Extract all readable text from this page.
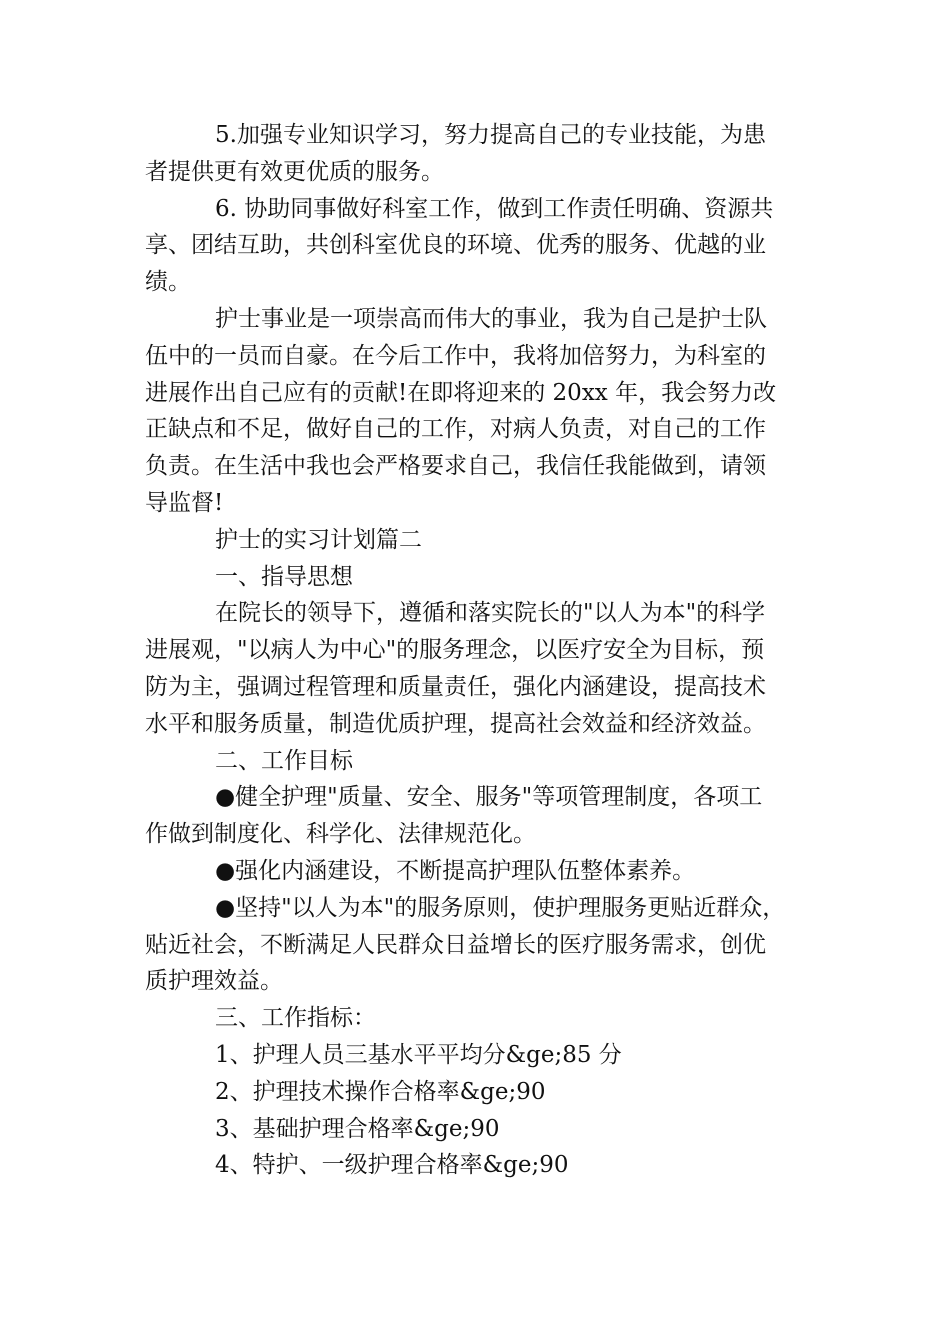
5.加强专业知识学习，努力提高自己的专业技能，为患
者提供更有效更优质的服务。
6. 协助同事做好科室工作，做到工作责任明确、资源共
享、团结互助，共创科室优良的环境、优秀的服务、优越的业
绩。
护士事业是一项崇高而伟大的事业，我为自己是护士队
伍中的一员而自豪。在今后工作中，我将加倍努力，为科室的
进展作出自己应有的贡献!在即将迎来的 20xx 年，我会努力改
正缺点和不足，做好自己的工作，对病人负责，对自己的工作
负责。在生活中我也会严格要求自己，我信任我能做到，请领
导监督!
护士的实习计划篇二
一、指导思想
在院长的领导下，遵循和落实院长的"以人为本"的科学
进展观，"以病人为中心"的服务理念，以医疗安全为目标，预
防为主，强调过程管理和质量责任，强化内涵建设，提高技术
水平和服务质量，制造优质护理，提高社会效益和经济效益。
二、工作目标
●健全护理"质量、安全、服务"等项管理制度，各项工
作做到制度化、科学化、法律规范化。
●强化内涵建设，不断提高护理队伍整体素养。
●坚持"以人为本"的服务原则，使护理服务更贴近群众，
贴近社会，不断满足人民群众日益增长的医疗服务需求，创优
质护理效益。
三、工作指标：
1、护理人员三基水平平均分&ge;85 分
2、护理技术操作合格率&ge;90
3、基础护理合格率&ge;90
4、特护、一级护理合格率&ge;90
